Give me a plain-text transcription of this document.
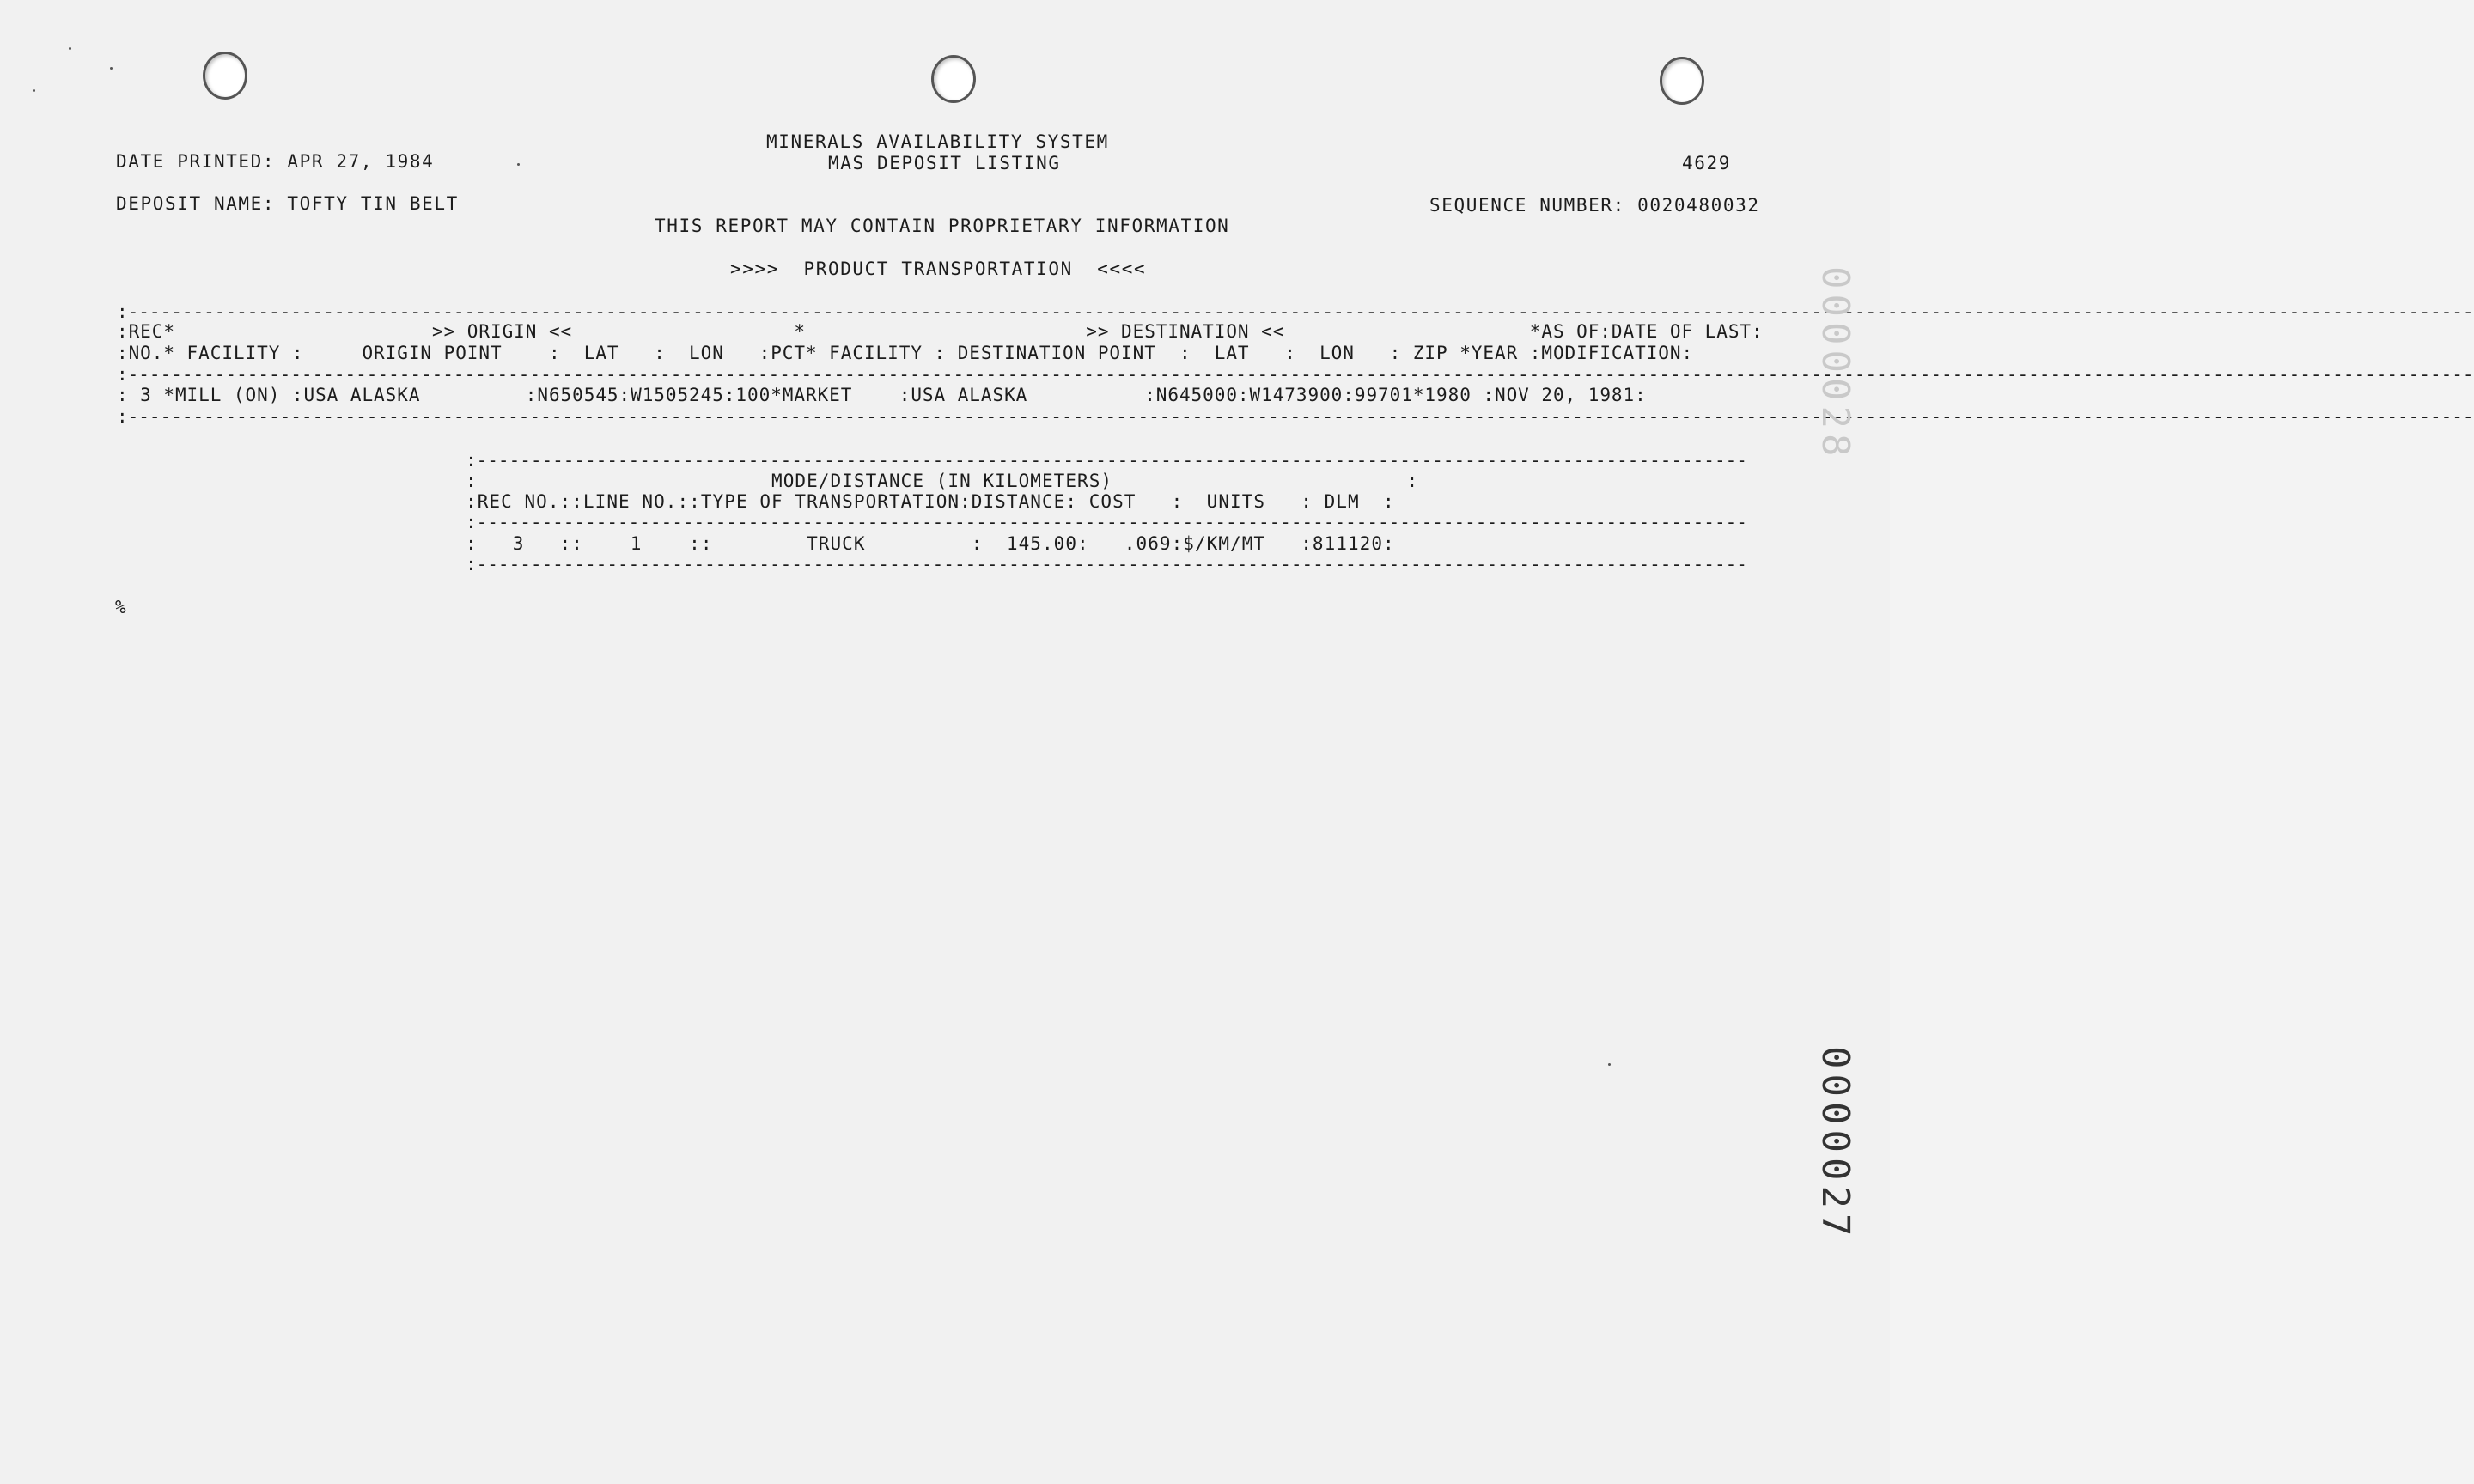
MINERALS AVAILABILITY SYSTEM
MAS DEPOSIT LISTING
DATE PRINTED: APR 27, 1984	4629
DEPOSIT NAME: TOFTY TIN BELT	SEQUENCE NUMBER: 0020480032
THIS REPORT MAY CONTAIN PROPRIETARY INFORMATION
>>>>  PRODUCT TRANSPORTATION  <<<<
:------------------------------------------------------------------------------------------------------------------------------------------------------------------------------------------------------------------------
:REC*                      >> ORIGIN <<                   *                        >> DESTINATION <<                     *AS OF:DATE OF LAST:
:NO.* FACILITY :     ORIGIN POINT    :  LAT   :  LON   :PCT* FACILITY : DESTINATION POINT  :  LAT   :  LON   : ZIP *YEAR :MODIFICATION:
:------------------------------------------------------------------------------------------------------------------------------------------------------------------------------------------------------------------------
: 3 *MILL (ON) :USA ALASKA         :N650545:W1505245:100*MARKET    :USA ALASKA          :N645000:W1473900:99701*1980 :NOV 20, 1981:
:------------------------------------------------------------------------------------------------------------------------------------------------------------------------------------------------------------------------
:---------------------------------------------------------------------------------------------------------------------
:                         MODE/DISTANCE (IN KILOMETERS)                         :
:REC NO.::LINE NO.::TYPE OF TRANSPORTATION:DISTANCE: COST   :  UNITS   : DLM  :
:---------------------------------------------------------------------------------------------------------------------
:   3   ::    1    ::        TRUCK         :  145.00:   .069:$/KM/MT   :811120:
:---------------------------------------------------------------------------------------------------------------------
%
0000028
0000027
